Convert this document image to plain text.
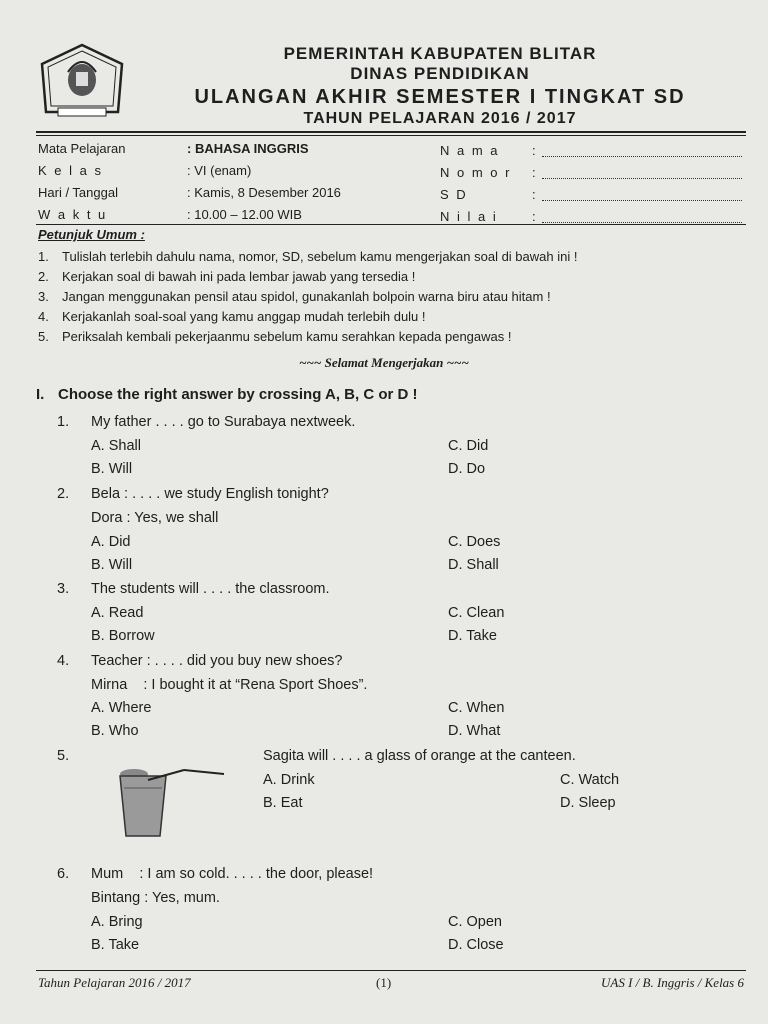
PEMERINTAH KABUPATEN BLITAR
DINAS PENDIDIKAN
ULANGAN AKHIR SEMESTER I TINGKAT SD
TAHUN PELAJARAN 2016 / 2017
Mata Pelajaran	: BAHASA INGGRIS
K e l a s	: VI (enam)
Hari / Tanggal	: Kamis, 8 Desember 2016
W a k t u	: 10.00 – 12.00 WIB
N a m a :
N o m o r :
S D	:
N i l a i	:
Petunjuk Umum :
1. Tulislah terlebih dahulu nama, nomor, SD, sebelum kamu mengerjakan soal di bawah ini !
2. Kerjakan soal di bawah ini pada lembar jawab yang tersedia !
3. Jangan menggunakan pensil atau spidol, gunakanlah bolpoin warna biru atau hitam !
4. Kerjakanlah soal-soal yang kamu anggap mudah terlebih dulu !
5. Periksalah kembali pekerjaanmu sebelum kamu serahkan kepada pengawas !
~~~ Selamat Mengerjakan ~~~
I. Choose the right answer by crossing A, B, C or D !
1. My father . . . . go to Surabaya nextweek.
A. Shall	C. Did
B. Will	D. Do
2. Bela : . . . . we study English tonight?
Dora : Yes, we shall
A. Did	C. Does
B. Will	D. Shall
3. The students will . . . . the classroom.
A. Read	C. Clean
B. Borrow	D. Take
4. Teacher : . . . . did you buy new shoes?
Mirna    : I bought it at “Rena Sport Shoes”.
A. Where	C. When
B. Who	D. What
5.	Sagita will . . . . a glass of orange at the canteen.
A. Drink	C. Watch
B. Eat	D. Sleep
6. Mum    : I am so cold. . . . . the door, please!
Bintang : Yes, mum.
A. Bring	C. Open
B. Take	D. Close
Tahun Pelajaran 2016 / 2017	(1)	UAS I / B. Inggris / Kelas 6
